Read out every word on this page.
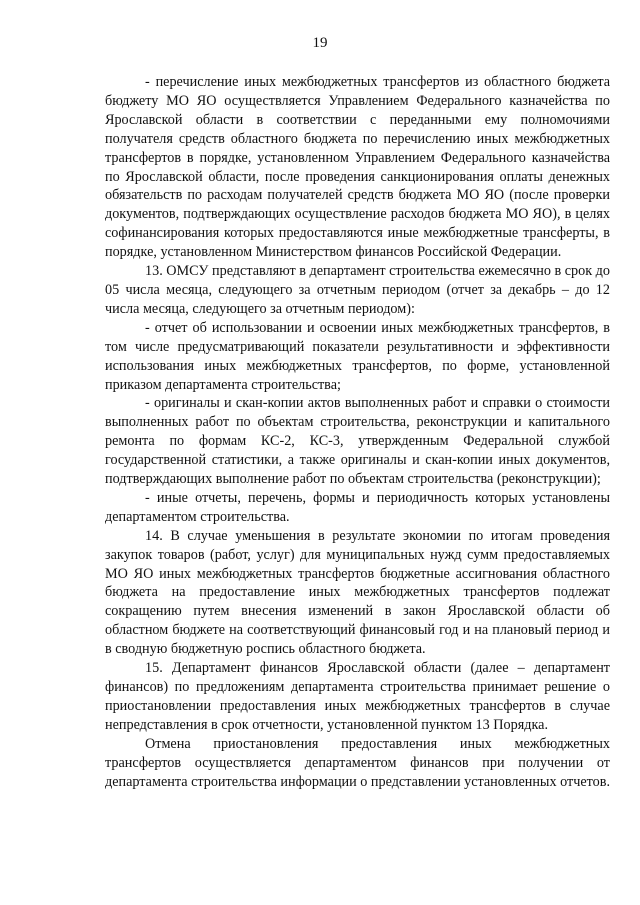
19

- перечисление иных межбюджетных трансфертов из областного бюджета бюджету МО ЯО осуществляется Управлением Федерального казначейства по Ярославской области в соответствии с переданными ему полномочиями получателя средств областного бюджета по перечислению иных межбюджетных трансфертов в порядке, установленном Управлением Федерального казначейства по Ярославской области, после проведения санкционирования оплаты денежных обязательств по расходам получателей средств бюджета МО ЯО (после проверки документов, подтверждающих осуществление расходов бюджета МО ЯО), в целях софинансирования которых предоставляются иные межбюджетные трансферты, в порядке, установленном Министерством финансов Российской Федерации.

13. ОМСУ представляют в департамент строительства ежемесячно в срок до 05 числа месяца, следующего за отчетным периодом (отчет за декабрь – до 12 числа месяца, следующего за отчетным периодом):

- отчет об использовании и освоении иных межбюджетных трансфертов, в том числе предусматривающий показатели результативности и эффективности использования иных межбюджетных трансфертов, по форме, установленной приказом департамента строительства;

- оригиналы и скан-копии актов выполненных работ и справки о стоимости выполненных работ по объектам строительства, реконструкции и капитального ремонта по формам КС-2, КС-3, утвержденным Федеральной службой государственной статистики, а также оригиналы и скан-копии иных документов, подтверждающих выполнение работ по объектам строительства (реконструкции);

- иные отчеты, перечень, формы и периодичность которых установлены департаментом строительства.

14. В случае уменьшения в результате экономии по итогам проведения закупок товаров (работ, услуг) для муниципальных нужд сумм предоставляемых МО ЯО иных межбюджетных трансфертов бюджетные ассигнования областного бюджета на предоставление иных межбюджетных трансфертов подлежат сокращению путем внесения изменений в закон Ярославской области об областном бюджете на соответствующий финансовый год и на плановый период и в сводную бюджетную роспись областного бюджета.

15. Департамент финансов Ярославской области (далее – департамент финансов) по предложениям департамента строительства принимает решение о приостановлении предоставления иных межбюджетных трансфертов в случае непредставления в срок отчетности, установленной пунктом 13 Порядка.

Отмена приостановления предоставления иных межбюджетных трансфертов осуществляется департаментом финансов при получении от департамента строительства информации о представлении установленных отчетов.
